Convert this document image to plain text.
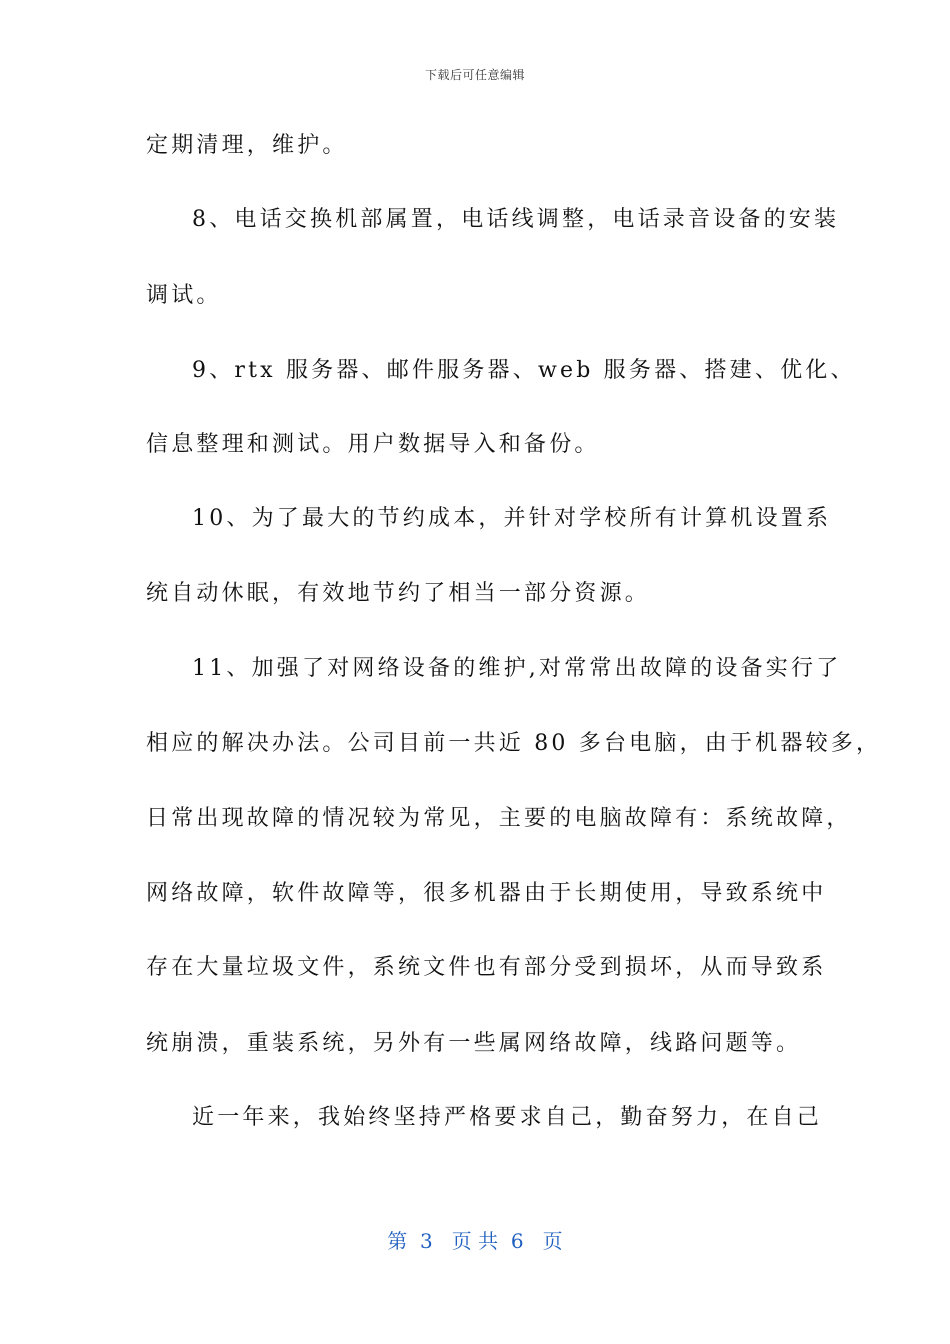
下载后可任意编辑
定期清理，维护。
8、电话交换机部属置，电话线调整，电话录音设备的安装
调试。
9、rtx 服务器、邮件服务器、web 服务器、搭建、优化、
信息整理和测试。用户数据导入和备份。
10、为了最大的节约成本，并针对学校所有计算机设置系
统自动休眠，有效地节约了相当一部分资源。
11、加强了对网络设备的维护,对常常出故障的设备实行了
相应的解决办法。公司目前一共近 80 多台电脑，由于机器较多，
日常出现故障的情况较为常见，主要的电脑故障有：系统故障，
网络故障，软件故障等，很多机器由于长期使用，导致系统中
存在大量垃圾文件，系统文件也有部分受到损坏，从而导致系
统崩溃，重装系统，另外有一些属网络故障，线路问题等。
近一年来，我始终坚持严格要求自己，勤奋努力，在自己
第  3   页 共  6   页
